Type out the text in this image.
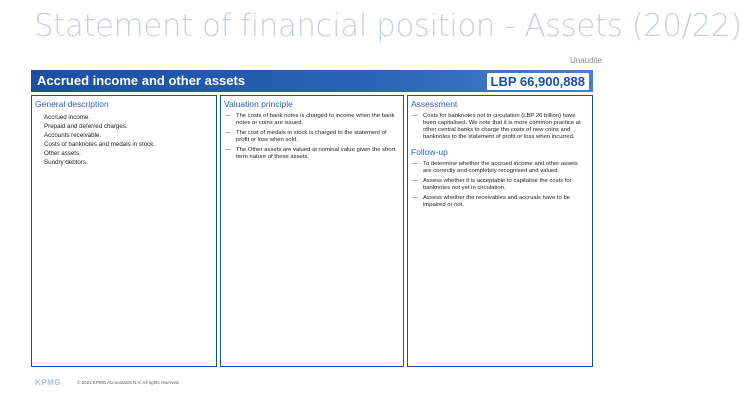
Statement of financial position - Assets (20/22)
Unaudite
Accrued income and other assets	LBP 66,900,888
General description
Accrued income.
Prepaid and deferred charges.
Accounts receivable.
Costs of banknotes and medals in stock.
Other assets.
Sundry debtors.
Valuation principle
— The costs of bank notes is charged to income when the bank notes or coins are issued.
— The cost of medals in stock is charged to the statement of profit or loss when sold.
— The Other assets are valued at nominal value given the short term nature of these assets.
Assessment
— Costs for banknotes not in circulation (LBP 26 billion) have been capitalised. We note that it is more common practice at other central banks to charge the costs of new coins and banknotes to the statement of profit or loss when incurred.
Follow-up
— To determine whether the accrued income and other assets are correctly and completely recognised and valued.
— Assess whether it is acceptable to capitalise the costs for banknotes not yet in circulation.
— Assess whether the receivables and accruals have to be impaired or not.
KPMG	© 2021 KPMG Accountants N.V. All rights reserved.
